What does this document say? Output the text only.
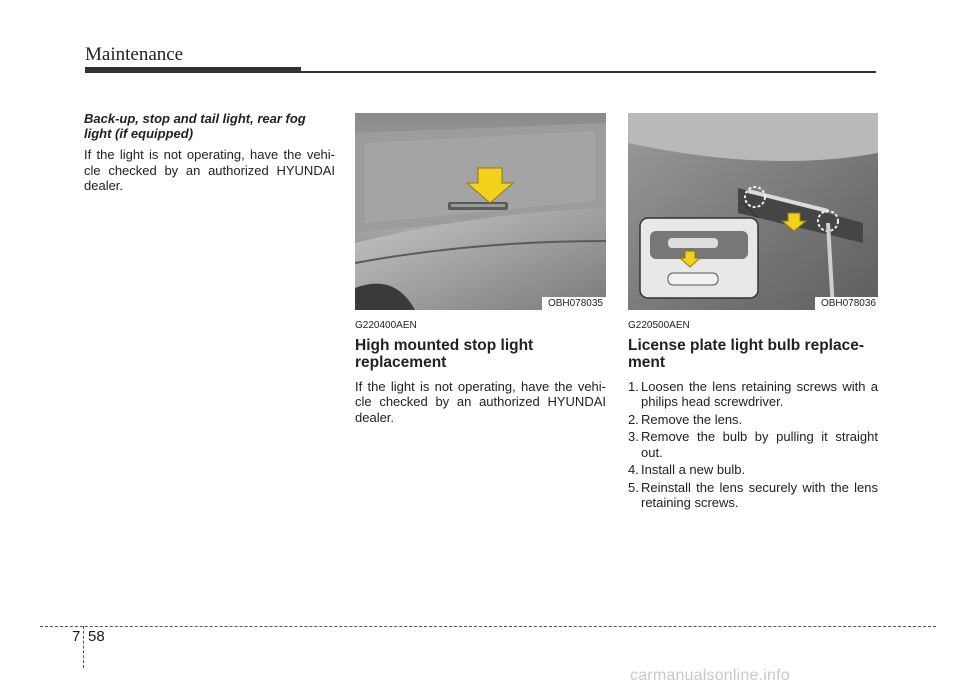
Maintenance

Back-up, stop and tail light, rear fog light (if equipped)

If the light is not operating, have the vehi-cle checked by an authorized HYUNDAI dealer.

OBH078035
G220400AEN
High mounted stop light replacement

If the light is not operating, have the vehi-cle checked by an authorized HYUNDAI dealer.

OBH078036
G220500AEN
License plate light bulb replace-ment
1. Loosen the lens retaining screws with a philips head screwdriver.
2. Remove the lens.
3. Remove the bulb by pulling it straight out.
4. Install a new bulb.
5. Reinstall the lens securely with the lens retaining screws.
7 58
carmanualsonline.info
